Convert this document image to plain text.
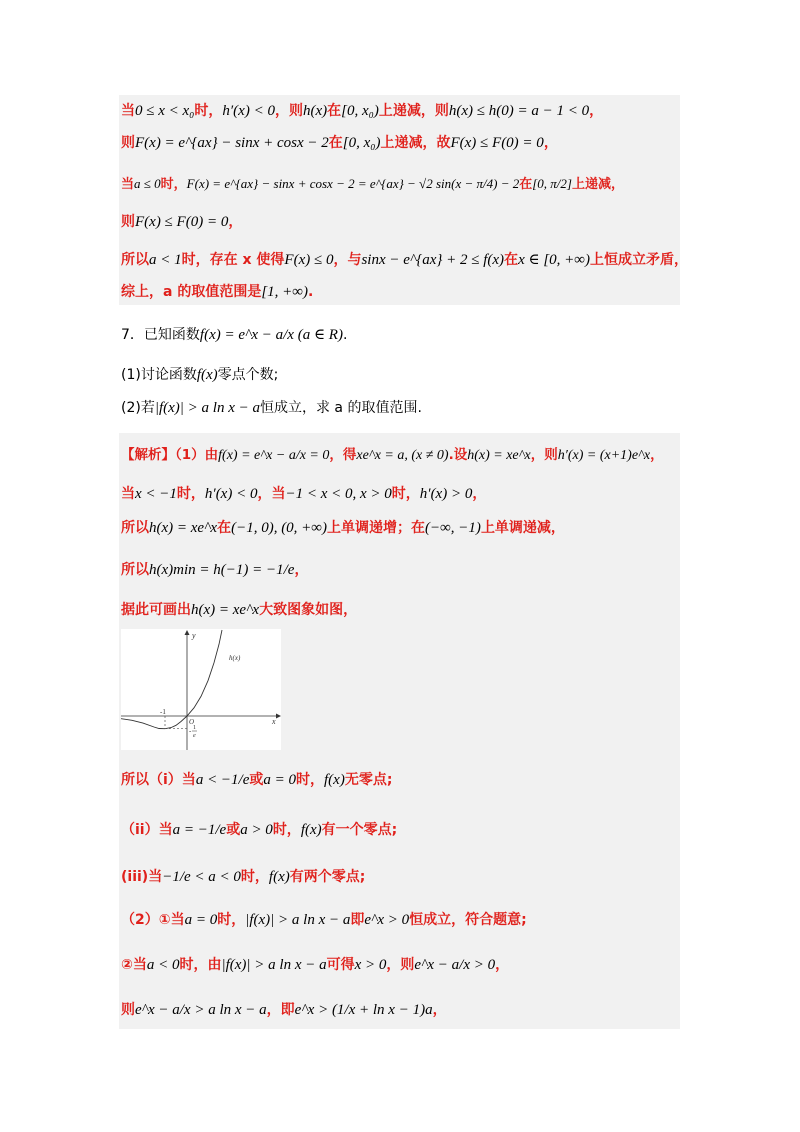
当0 ≤ x < x₀时，h′(x) < 0，则h(x)在[0, x₀)上递减，则h(x) ≤ h(0) = a − 1 < 0，
则F(x) = e^{ax} − sinx + cosx − 2在[0, x₀)上递减，故F(x) ≤ F(0) = 0，
当a ≤ 0时，F(x) = e^{ax} − sinx + cosx − 2 = e^{ax} − √2 sin(x − π/4) − 2在[0, π/2]上递减，
则F(x) ≤ F(0) = 0，
所以a < 1时，存在 x 使得F(x) ≤ 0，与sinx − e^{ax} + 2 ≤ f(x)在x ∈ [0, +∞)上恒成立矛盾，
综上，a 的取值范围是[1, +∞).
7．已知函数f(x) = e^x − a/x (a ∈ R).
(1)讨论函数f(x)零点个数;
(2)若|f(x)| > a ln x − a恒成立，求 a 的取值范围.
【解析】（1）由f(x) = e^x − a/x = 0，得xe^x = a, (x ≠ 0).设h(x) = xe^x，则h′(x) = (x+1)e^x，
当x < −1时，h′(x) < 0，当−1 < x < 0, x > 0时，h′(x) > 0，
所以h(x) = xe^x在(−1, 0), (0, +∞)上单调递增；在(−∞, −1)上单调递减，
所以h(x)min = h(−1) = −1/e，
据此可画出h(x) = xe^x大致图象如图，
y
x
O
h(x)
-1
- 1
e
所以（i）当a < −1/e或a = 0时，f(x)无零点;
（ii）当a = −1/e或a > 0时，f(x)有一个零点;
(iii)当−1/e < a < 0时，f(x)有两个零点;
（2）①当a = 0时，|f(x)| > a ln x − a即e^x > 0恒成立，符合题意;
②当a < 0时，由|f(x)| > a ln x − a可得x > 0，则e^x − a/x > 0，
则e^x − a/x > a ln x − a，即e^x > (1/x + ln x − 1)a，
